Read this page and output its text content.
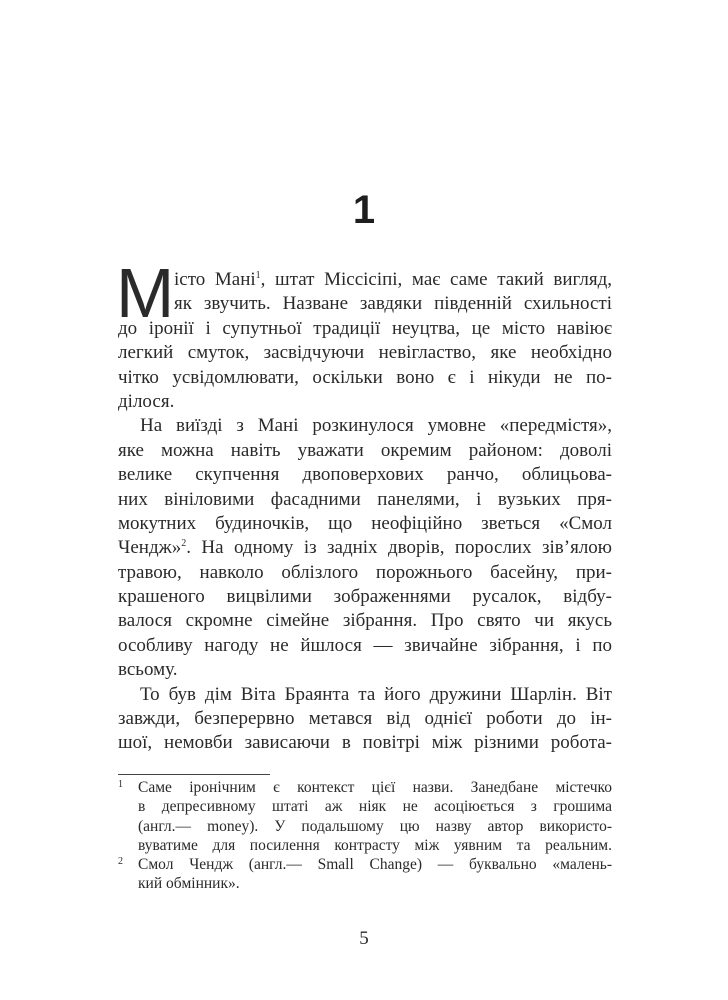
1
М істо Мані$^1$, штат Міссісіпі, має саме такий вигляд,
як звучить. Назване завдяки південній схильності
до іронії і супутньої традиції неуцтва, це місто навіює
легкий смуток, засвідчуючи невігластво, яке необхідно
чітко усвідомлювати, оскільки воно є і нікуди не по-
ділося.
На виїзді з Мані розкинулося умовне «передмістя»,
яке можна навіть уважати окремим районом: доволі
велике скупчення двоповерхових ранчо, облицьова-
них вініловими фасадними панелями, і вузьких пря-
мокутних будиночків, що неофіційно зветься «Смол
Чендж»$^2$. На одному із задніх дворів, порослих зів’ялою
травою, навколо облізлого порожнього басейну, при-
крашеного вицвілими зображеннями русалок, відбу-
валося скромне сімейне зібрання. Про свято чи якусь
особливу нагоду не йшлося — звичайне зібрання, і по
всьому.
То був дім Віта Браянта та його дружини Шарлін. Віт
завжди, безперервно метався від однієї роботи до ін-
шої, немовби зависаючи в повітрі між різними робота-
1 Саме іронічним є контекст цієї назви. Занедбане містечко
в депресивному штаті аж ніяк не асоціюється з грошима
(англ.— money). У подальшому цю назву автор використо-
вуватиме для посилення контрасту між уявним та реальним.
2 Смол Чендж (англ.— Small Change) — буквально «малень-
кий обмінник».
5
